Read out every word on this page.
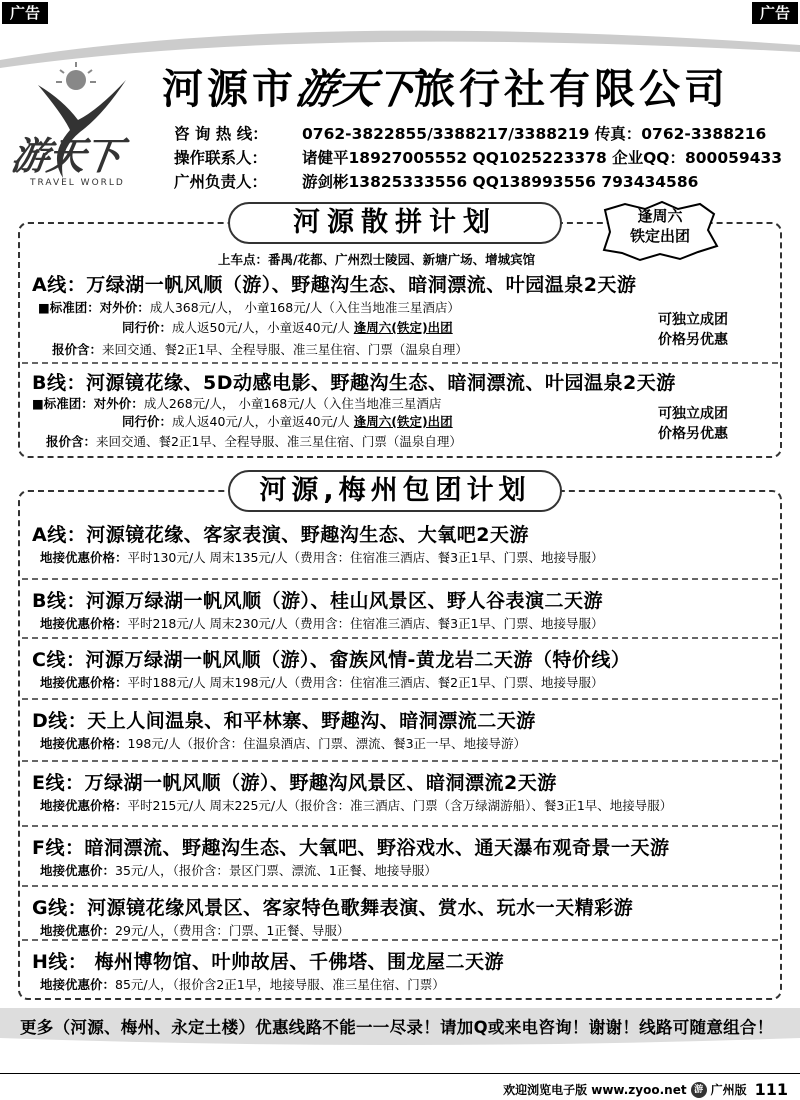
广告	广告
游天下
TRAVEL WORLD
河源市游天下旅行社有限公司
咨 询 热 线： 0762-3822855/3388217/3388219 传真：0762-3388216
操作联系人： 诸健平18927005552 QQ1025223378 企业QQ：800059433
广州负责人： 游剑彬13825333556 QQ138993556 793434586
河源散拼计划	逢周六
铁定出团
上车点：番禺/花都、广州烈士陵园、新塘广场、增城宾馆
A线：万绿湖一帆风顺（游）、野趣沟生态、暗洞漂流、叶园温泉2天游
■标准团：对外价：成人368元/人， 小童168元/人（入住当地准三星酒店）
同行价：成人返50元/人，小童返40元/人 逢周六(铁定)出团
报价含：来回交通、餐2正1早、全程导服、准三星住宿、门票（温泉自理）
可独立成团
价格另优惠
B线：河源镜花缘、5D动感电影、野趣沟生态、暗洞漂流、叶园温泉2天游
■标准团：对外价：成人268元/人， 小童168元/人（入住当地准三星酒店
同行价：成人返40元/人，小童返40元/人 逢周六(铁定)出团
报价含：来回交通、餐2正1早、全程导服、准三星住宿、门票（温泉自理）
可独立成团
价格另优惠
河源,梅州包团计划
A线：河源镜花缘、客家表演、野趣沟生态、大氧吧2天游
地接优惠价格：平时130元/人 周末135元/人（费用含：住宿准三酒店、餐3正1早、门票、地接导服）
B线：河源万绿湖一帆风顺（游）、桂山风景区、野人谷表演二天游
地接优惠价格：平时218元/人 周末230元/人（费用含：住宿准三酒店、餐3正1早、门票、地接导服）
C线：河源万绿湖一帆风顺（游）、畲族风情-黄龙岩二天游（特价线）
地接优惠价格：平时188元/人 周末198元/人（费用含：住宿准三酒店、餐2正1早、门票、地接导服）
D线：天上人间温泉、和平林寨、野趣沟、暗洞漂流二天游
地接优惠价格：198元/人（报价含：住温泉酒店、门票、漂流、餐3正一早、地接导游）
E线：万绿湖一帆风顺（游）、野趣沟风景区、暗洞漂流2天游
地接优惠价格：平时215元/人 周末225元/人（报价含：准三酒店、门票（含万绿湖游船）、餐3正1早、地接导服）
F线：暗洞漂流、野趣沟生态、大氧吧、野浴戏水、通天瀑布观奇景一天游
地接优惠价：35元/人，（报价含：景区门票、漂流、1正餐、地接导服）
G线：河源镜花缘风景区、客家特色歌舞表演、赏水、玩水一天精彩游
地接优惠价：29元/人，（费用含：门票、1正餐、导服）
H线： 梅州博物馆、叶帅故居、千佛塔、围龙屋二天游
地接优惠价：85元/人，（报价含2正1早，地接导服、准三星住宿、门票）
更多（河源、梅州、永定土楼）优惠线路不能一一尽录！请加Q或来电咨询！谢谢！线路可随意组合！
欢迎浏览电子版 www.zyoo.net 游 广州版 111
